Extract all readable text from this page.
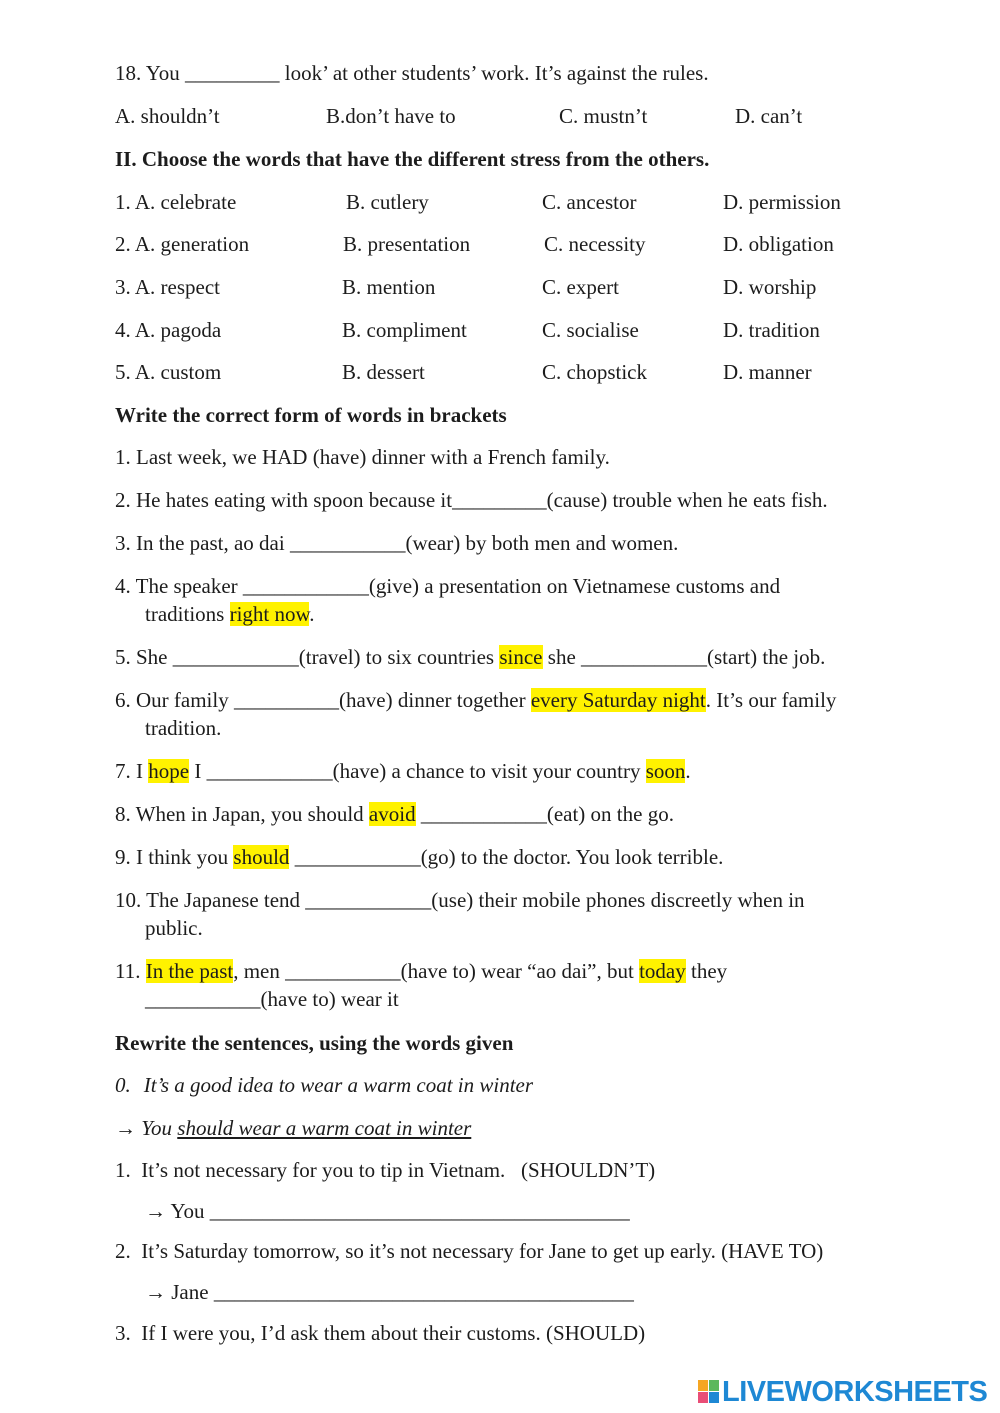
18. You _________ look’ at other students’ work. It’s against the rules.
A. shouldn’t	B.don’t have to	C. mustn’t	D. can’t
II. Choose the words that have the different stress from the others.
1. A. celebrate	B. cutlery	C. ancestor	D. permission
2. A. generation	B. presentation	C. necessity	D. obligation
3. A. respect	B. mention	C. expert	D. worship
4. A. pagoda	B. compliment	C. socialise	D. tradition
5. A. custom	B. dessert	C. chopstick	D. manner
Write the correct form of words in brackets
1. Last week, we HAD (have) dinner with a French family.
2. He hates eating with spoon because it_________(cause) trouble when he eats fish.
3. In the past, ao dai ___________(wear) by both men and women.
4. The speaker ____________(give) a presentation on Vietnamese customs and
traditions right now.
5. She ____________(travel) to six countries since she ____________(start) the job.
6. Our family __________(have) dinner together every Saturday night. It’s our family
tradition.
7. I hope I ____________(have) a chance to visit your country soon.
8. When in Japan, you should avoid ____________(eat) on the go.
9. I think you should ____________(go) to the doctor. You look terrible.
10. The Japanese tend ____________(use) their mobile phones discreetly when in
public.
11. In the past, men ___________(have to) wear “ao dai”, but today they
___________(have to) wear it
Rewrite the sentences, using the words given
0. It’s a good idea to wear a warm coat in winter
→ You should wear a warm coat in winter
1.  It’s not necessary for you to tip in Vietnam.   (SHOULDN’T)
→ You ________________________________________
2.  It’s Saturday tomorrow, so it’s not necessary for Jane to get up early. (HAVE TO)
→ Jane ________________________________________
3.  If I were you, I’d ask them about their customs. (SHOULD)
LIVEWORKSHEETS
